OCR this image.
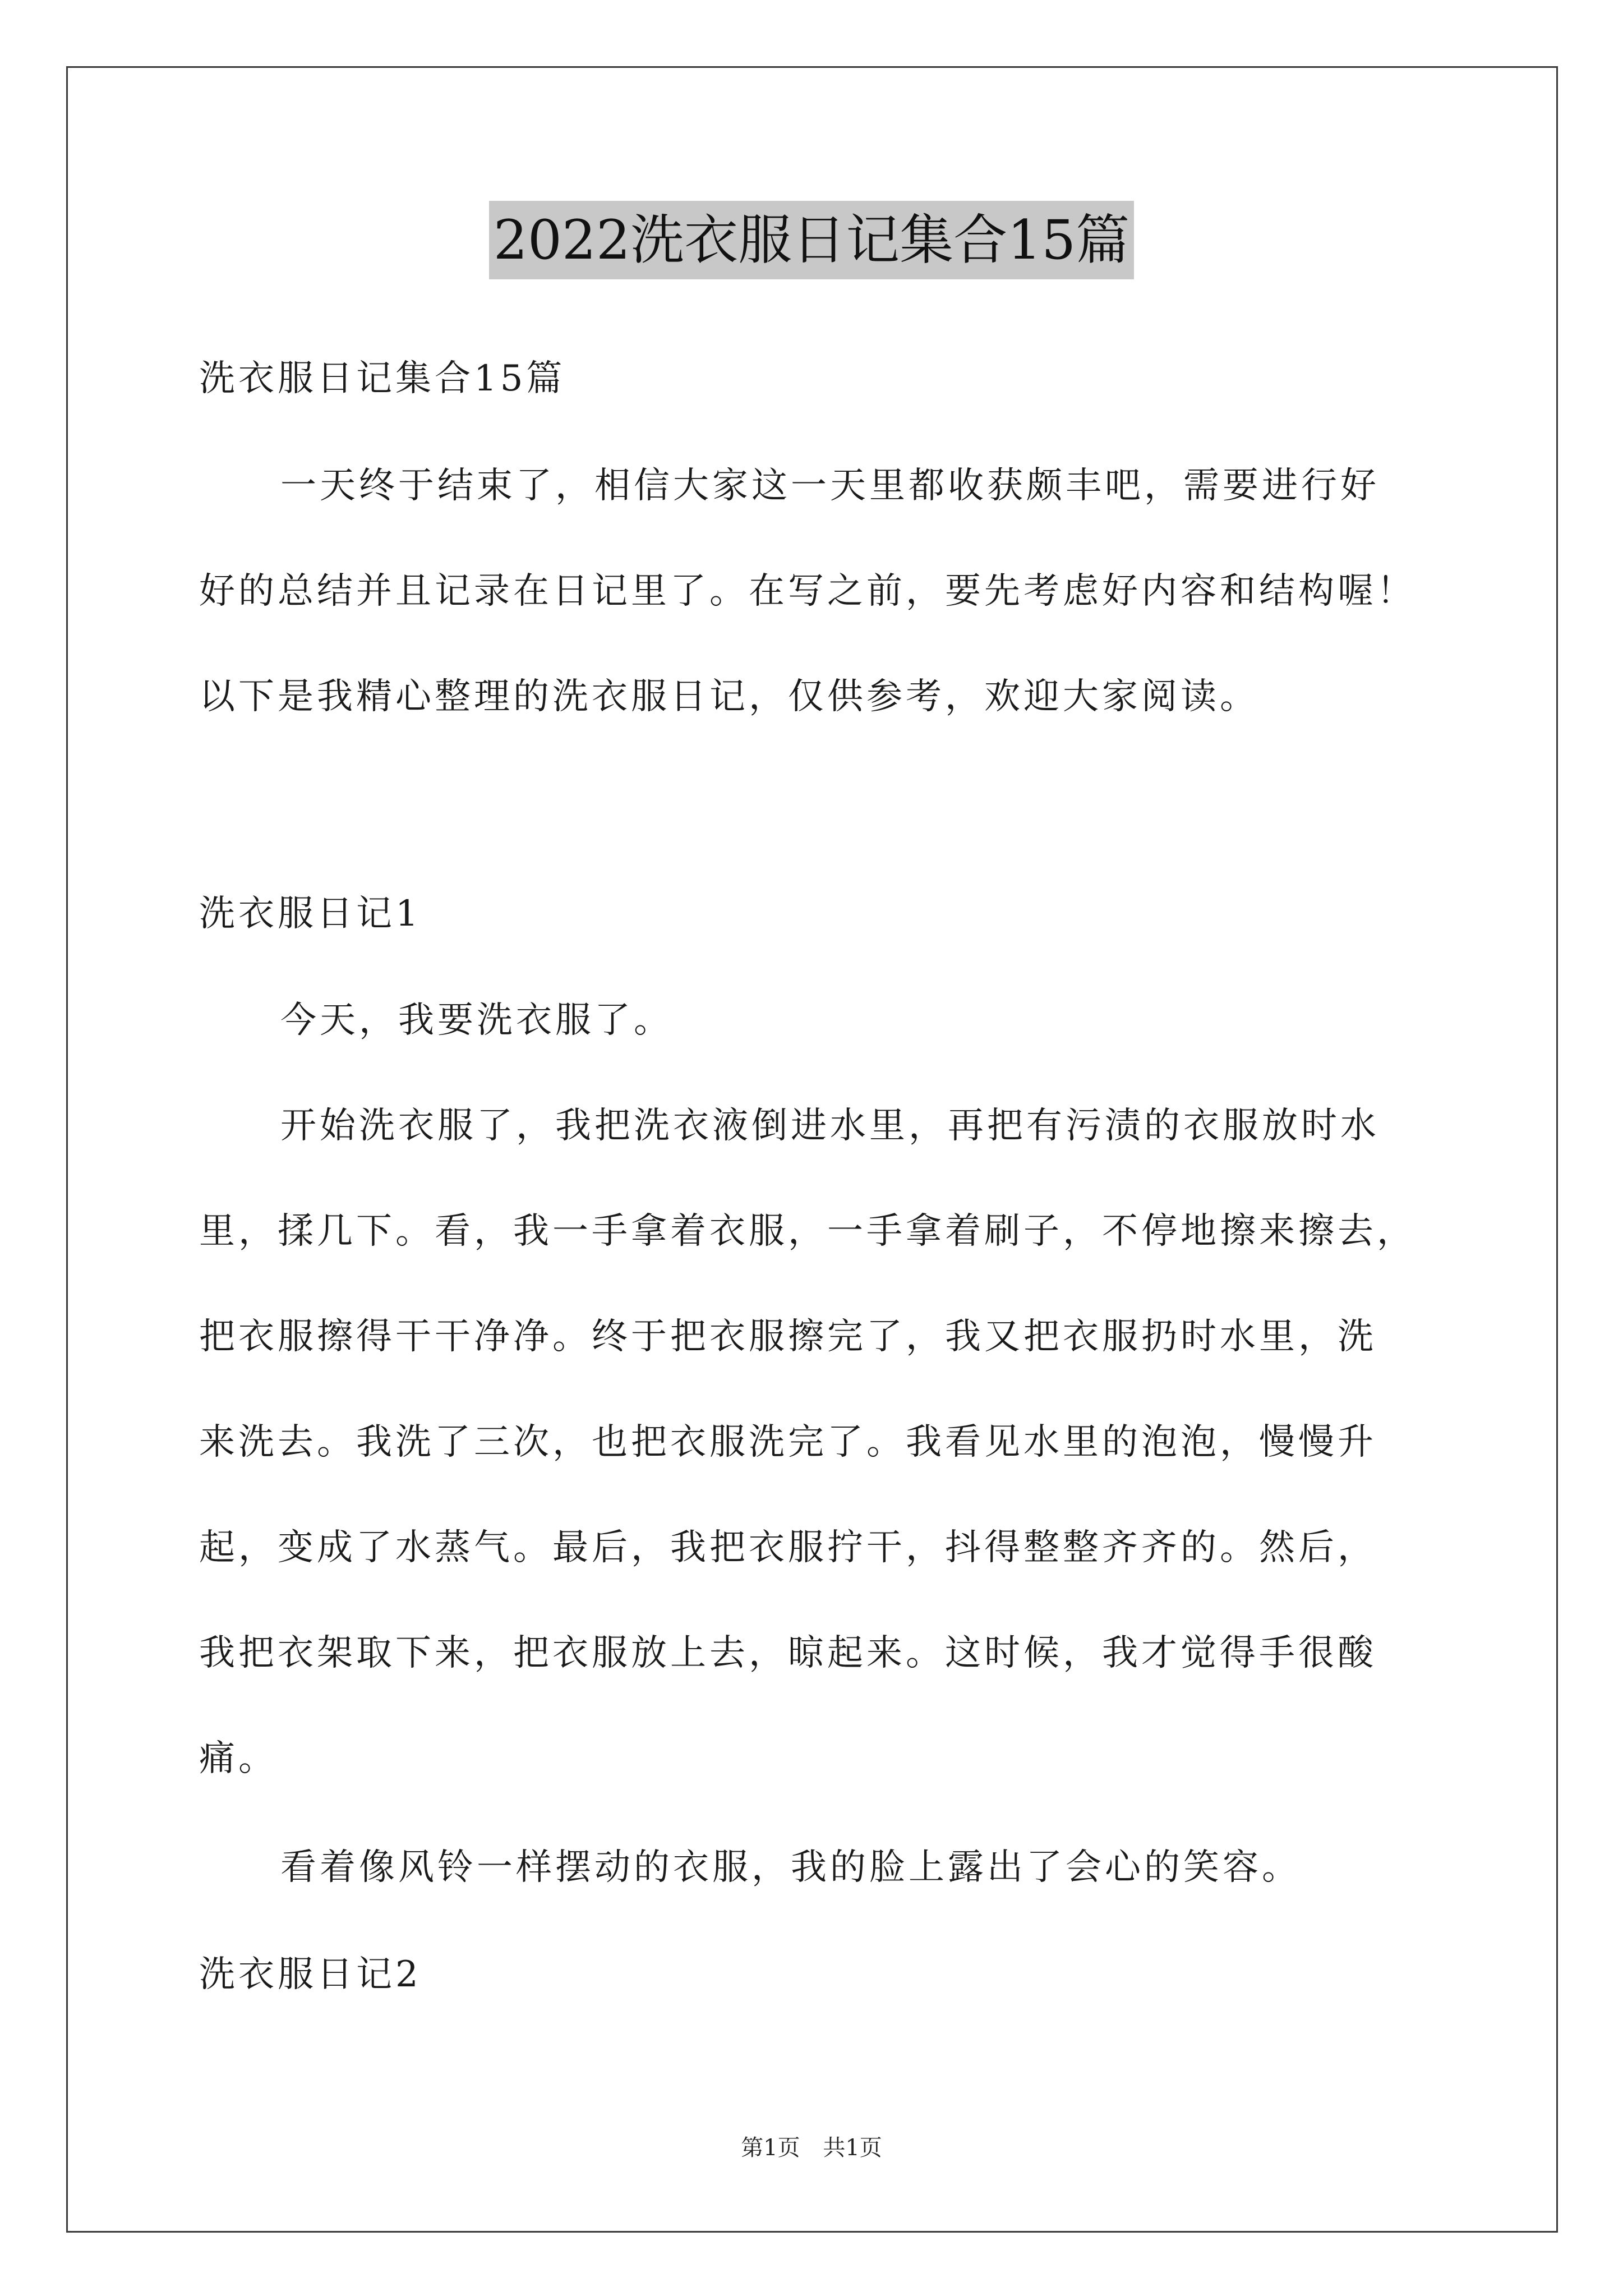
2022洗衣服日记集合15篇
洗衣服日记集合15篇
一天终于结束了，相信大家这一天里都收获颇丰吧，需要进行好
好的总结并且记录在日记里了。在写之前，要先考虑好内容和结构喔！
以下是我精心整理的洗衣服日记，仅供参考，欢迎大家阅读。
洗衣服日记1
今天，我要洗衣服了。
开始洗衣服了，我把洗衣液倒进水里，再把有污渍的衣服放时水
里，揉几下。看，我一手拿着衣服，一手拿着刷子，不停地擦来擦去，
把衣服擦得干干净净。终于把衣服擦完了，我又把衣服扔时水里，洗
来洗去。我洗了三次，也把衣服洗完了。我看见水里的泡泡，慢慢升
起，变成了水蒸气。最后，我把衣服拧干，抖得整整齐齐的。然后，
我把衣架取下来，把衣服放上去，晾起来。这时候，我才觉得手很酸
痛。
看着像风铃一样摆动的衣服，我的脸上露出了会心的笑容。
洗衣服日记2
第1页 共1页
